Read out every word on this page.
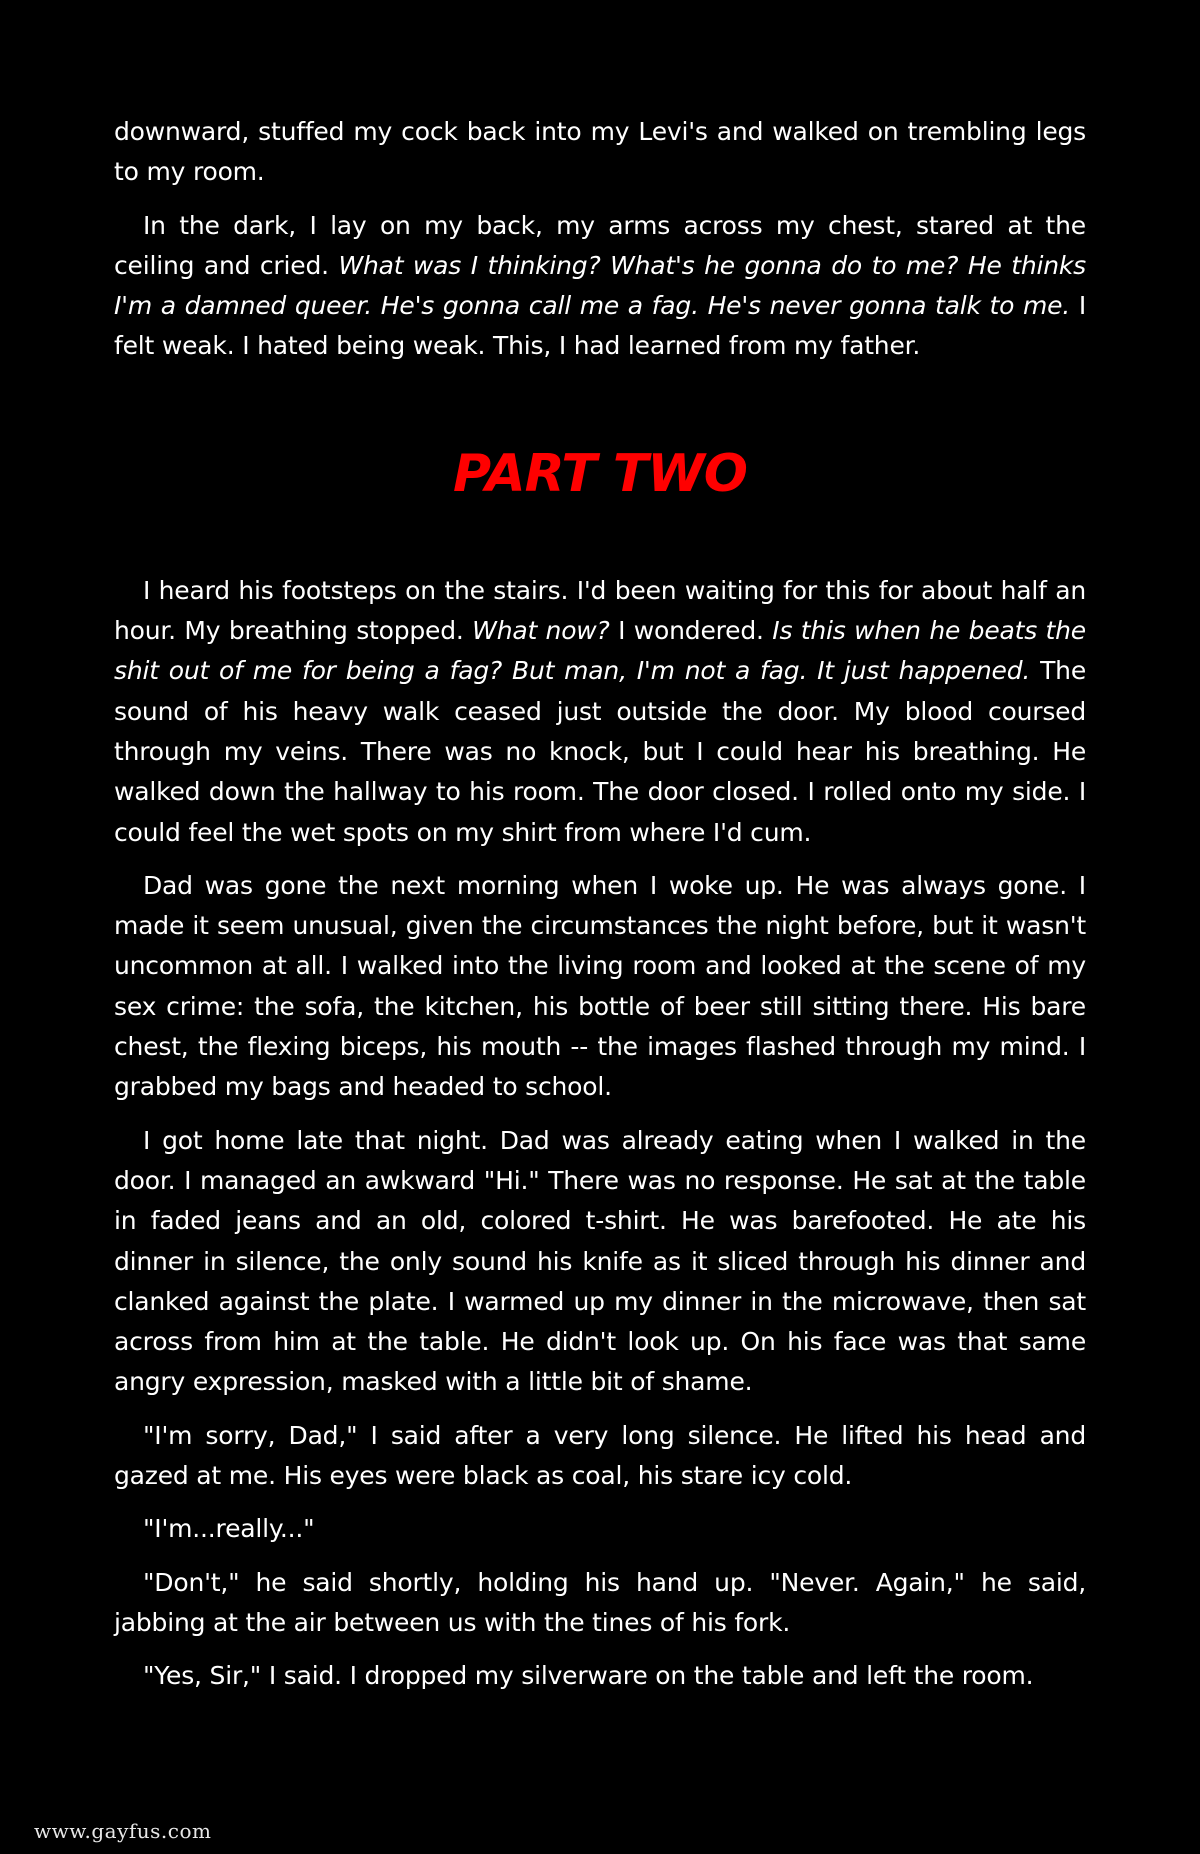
downward, stuffed my cock back into my Levi's and walked on trembling legs to my room.

In the dark, I lay on my back, my arms across my chest, stared at the ceiling and cried. What was I thinking? What's he gonna do to me? He thinks I'm a damned queer. He's gonna call me a fag. He's never gonna talk to me. I felt weak. I hated being weak. This, I had learned from my father.

PART TWO

I heard his footsteps on the stairs. I'd been waiting for this for about half an hour. My breathing stopped. What now? I wondered. Is this when he beats the shit out of me for being a fag? But man, I'm not a fag. It just happened. The sound of his heavy walk ceased just outside the door. My blood coursed through my veins. There was no knock, but I could hear his breathing. He walked down the hallway to his room. The door closed. I rolled onto my side. I could feel the wet spots on my shirt from where I'd cum.

Dad was gone the next morning when I woke up. He was always gone. I made it seem unusual, given the circumstances the night before, but it wasn't uncommon at all. I walked into the living room and looked at the scene of my sex crime: the sofa, the kitchen, his bottle of beer still sitting there. His bare chest, the flexing biceps, his mouth -- the images flashed through my mind. I grabbed my bags and headed to school.

I got home late that night. Dad was already eating when I walked in the door. I managed an awkward "Hi." There was no response. He sat at the table in faded jeans and an old, colored t-shirt. He was barefooted. He ate his dinner in silence, the only sound his knife as it sliced through his dinner and clanked against the plate. I warmed up my dinner in the microwave, then sat across from him at the table. He didn't look up. On his face was that same angry expression, masked with a little bit of shame.

"I'm sorry, Dad," I said after a very long silence. He lifted his head and gazed at me. His eyes were black as coal, his stare icy cold.

"I'm...really..."

"Don't," he said shortly, holding his hand up. "Never. Again," he said, jabbing at the air between us with the tines of his fork.

"Yes, Sir," I said. I dropped my silverware on the table and left the room.

www.gayfus.com
